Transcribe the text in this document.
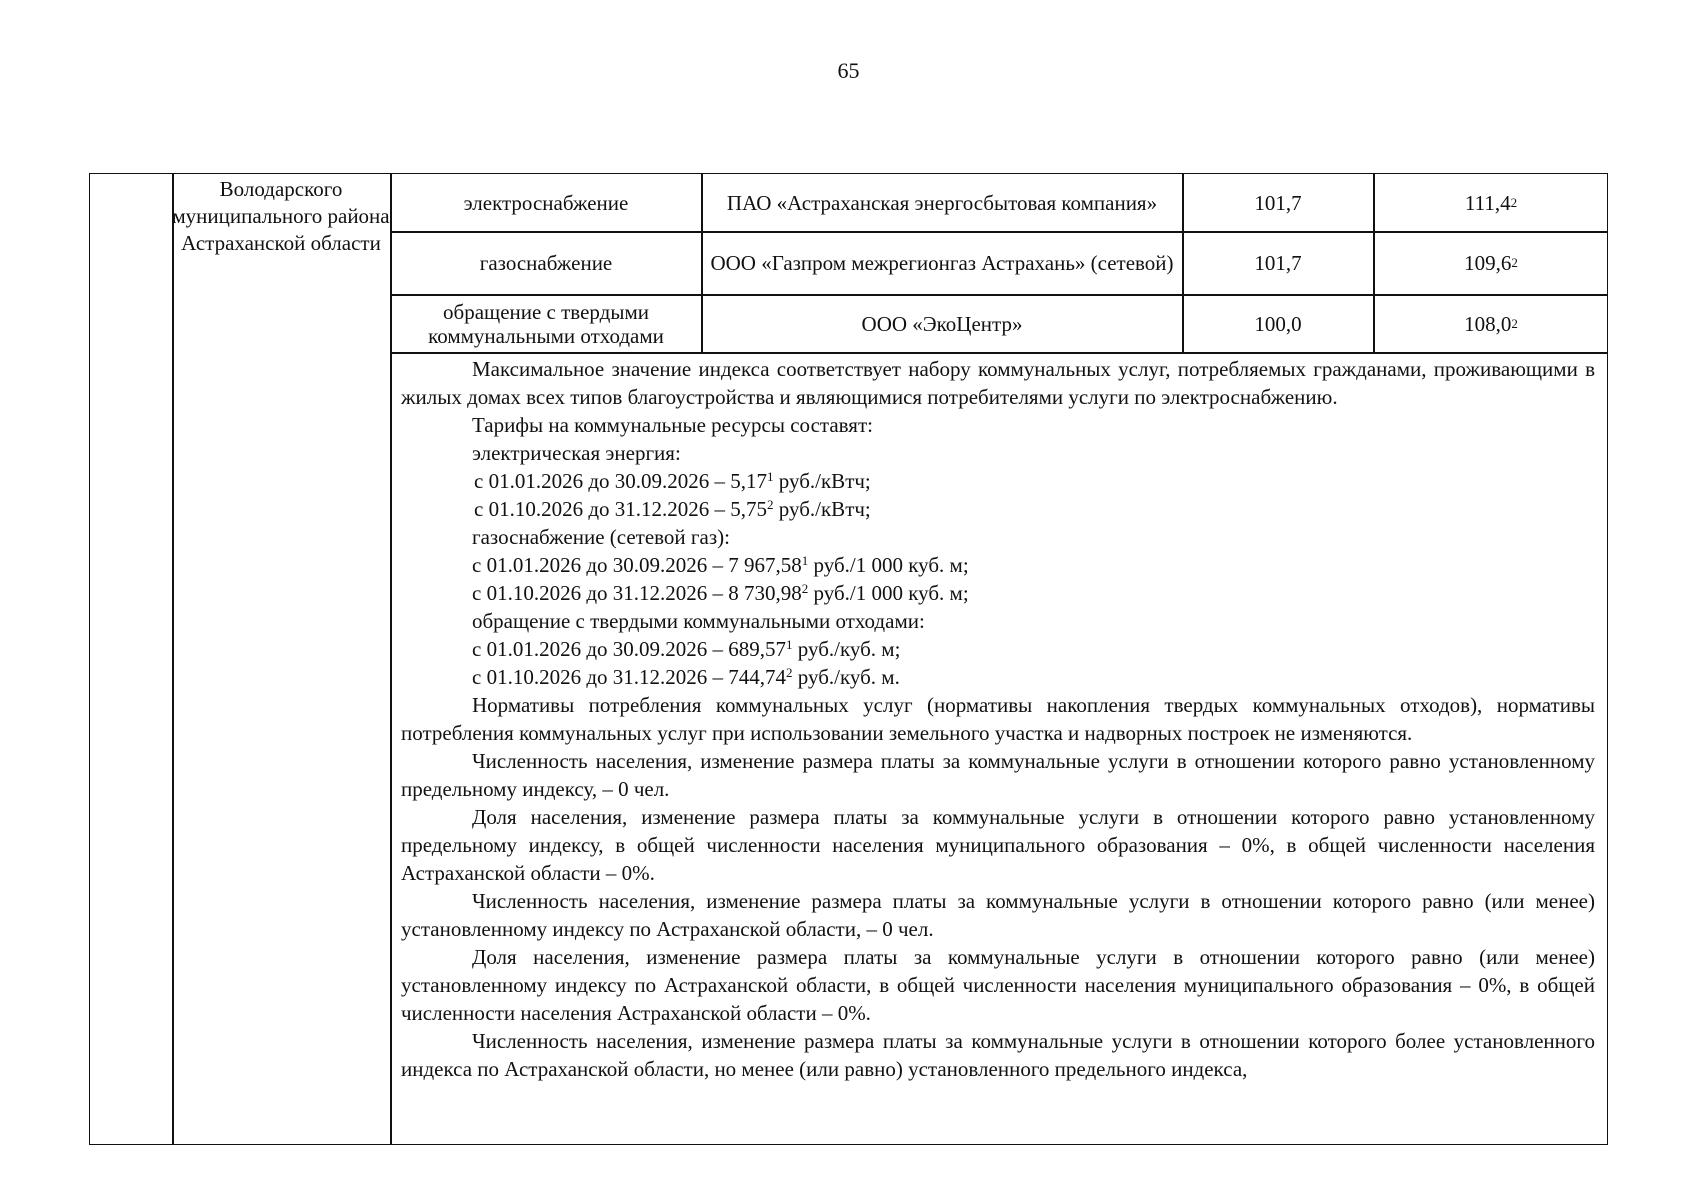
65
Володарского муниципального района Астраханской области
электроснабжение	ПАО «Астраханская энергосбытовая компания»	101,7	111,4 2
газоснабжение	ООО «Газпром межрегионгаз Астрахань» (сетевой)	101,7	109,6 2
обращение с твердыми коммунальными отходами	ООО «ЭкоЦентр»	100,0	108,0 2

Максимальное значение индекса соответствует набору коммунальных услуг, потребляемых гражданами, проживающими в жилых домах всех типов благоустройства и являющимися потребителями услуги по электроснабжению.

Тарифы на коммунальные ресурсы составят:

электрическая энергия:

с 01.01.2026 до 30.09.2026 – 5,17$^1$ руб./кВтч;

с 01.10.2026 до 31.12.2026 – 5,75$^2$ руб./кВтч;

газоснабжение (сетевой газ):

с 01.01.2026 до 30.09.2026 – 7 967,58$^1$ руб./1 000 куб. м;

с 01.10.2026 до 31.12.2026 – 8 730,98$^2$ руб./1 000 куб. м;

обращение с твердыми коммунальными отходами:

с 01.01.2026 до 30.09.2026 – 689,57$^1$ руб./куб. м;

с 01.10.2026 до 31.12.2026 – 744,74$^2$ руб./куб. м.

Нормативы потребления коммунальных услуг (нормативы накопления твердых коммунальных отходов), нормативы потребления коммунальных услуг при использовании земельного участка и надворных построек не изменяются.

Численность населения, изменение размера платы за коммунальные услуги в отношении которого равно установленному предельному индексу, – 0 чел.

Доля населения, изменение размера платы за коммунальные услуги в отношении которого равно установленному предельному индексу, в общей численности населения муниципального образования – 0%, в общей численности населения Астраханской области – 0%.

Численность населения, изменение размера платы за коммунальные услуги в отношении которого равно (или менее) установленному индексу по Астраханской области, – 0 чел.

Доля населения, изменение размера платы за коммунальные услуги в отношении которого равно (или менее) установленному индексу по Астраханской области, в общей численности населения муниципального образования – 0%, в общей численности населения Астраханской области – 0%.

Численность населения, изменение размера платы за коммунальные услуги в отношении которого более установленного индекса по Астраханской области, но менее (или равно) установленного предельного индекса,
